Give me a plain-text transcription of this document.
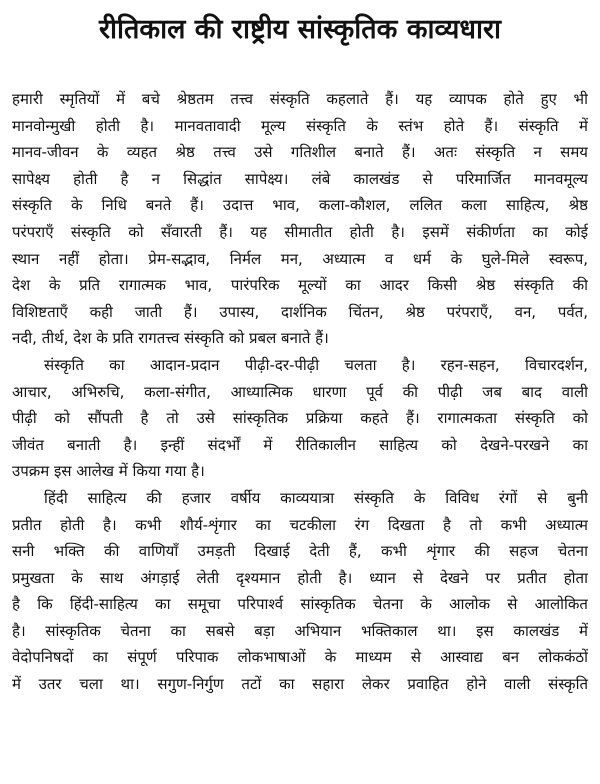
रीतिकाल की राष्ट्रीय सांस्कृतिक काव्यधारा
हमारी स्मृतियों में बचे श्रेष्ठतम तत्त्व संस्कृति कहलाते हैं। यह व्यापक होते हुए भी
मानवोन्मुखी होती है। मानवतावादी मूल्य संस्कृति के स्तंभ होते हैं। संस्कृति में
मानव-जीवन के व्यहत श्रेष्ठ तत्त्व उसे गतिशील बनाते हैं। अतः संस्कृति न समय
सापेक्ष्य होती है न सिद्धांत सापेक्ष्य। लंबे कालखंड से परिमार्जित मानवमूल्य
संस्कृति के निधि बनते हैं। उदात्त भाव, कला-कौशल, ललित कला साहित्य, श्रेष्ठ
परंपराएँ संस्कृति को सँवारती हैं। यह सीमातीत होती है। इसमें संकीर्णता का कोई
स्थान नहीं होता। प्रेम-सद्भाव, निर्मल मन, अध्यात्म व धर्म के घुले-मिले स्वरूप,
देश के प्रति रागात्मक भाव, पारंपरिक मूल्यों का आदर किसी श्रेष्ठ संस्कृति की
विशिष्टताएँ कही जाती हैं। उपास्य, दार्शनिक चिंतन, श्रेष्ठ परंपराएँ, वन, पर्वत,
नदी, तीर्थ, देश के प्रति रागतत्त्व संस्कृति को प्रबल बनाते हैं।
संस्कृति का आदान-प्रदान पीढ़ी-दर-पीढ़ी चलता है। रहन-सहन, विचारदर्शन,
आचार, अभिरुचि, कला-संगीत, आध्यात्मिक धारणा पूर्व की पीढ़ी जब बाद वाली
पीढ़ी को सौंपती है तो उसे सांस्कृतिक प्रक्रिया कहते हैं। रागात्मकता संस्कृति को
जीवंत बनाती है। इन्हीं संदर्भों में रीतिकालीन साहित्य को देखने-परखने का
उपक्रम इस आलेख में किया गया है।
हिंदी साहित्य की हजार वर्षीय काव्ययात्रा संस्कृति के विविध रंगों से बुनी
प्रतीत होती है। कभी शौर्य-शृंगार का चटकीला रंग दिखता है तो कभी अध्यात्म
सनी भक्ति की वाणियाँ उमड़ती दिखाई देती हैं, कभी शृंगार की सहज चेतना
प्रमुखता के साथ अंगड़ाई लेती दृश्यमान होती है। ध्यान से देखने पर प्रतीत होता
है कि हिंदी-साहित्य का समूचा परिपार्श्व सांस्कृतिक चेतना के आलोक से आलोकित
है। सांस्कृतिक चेतना का सबसे बड़ा अभियान भक्तिकाल था। इस कालखंड में
वेदोपनिषदों का संपूर्ण परिपाक लोकभाषाओं के माध्यम से आस्वाद्य बन लोककंठों
में उतर चला था। सगुण-निर्गुण तटों का सहारा लेकर प्रवाहित होने वाली संस्कृति
